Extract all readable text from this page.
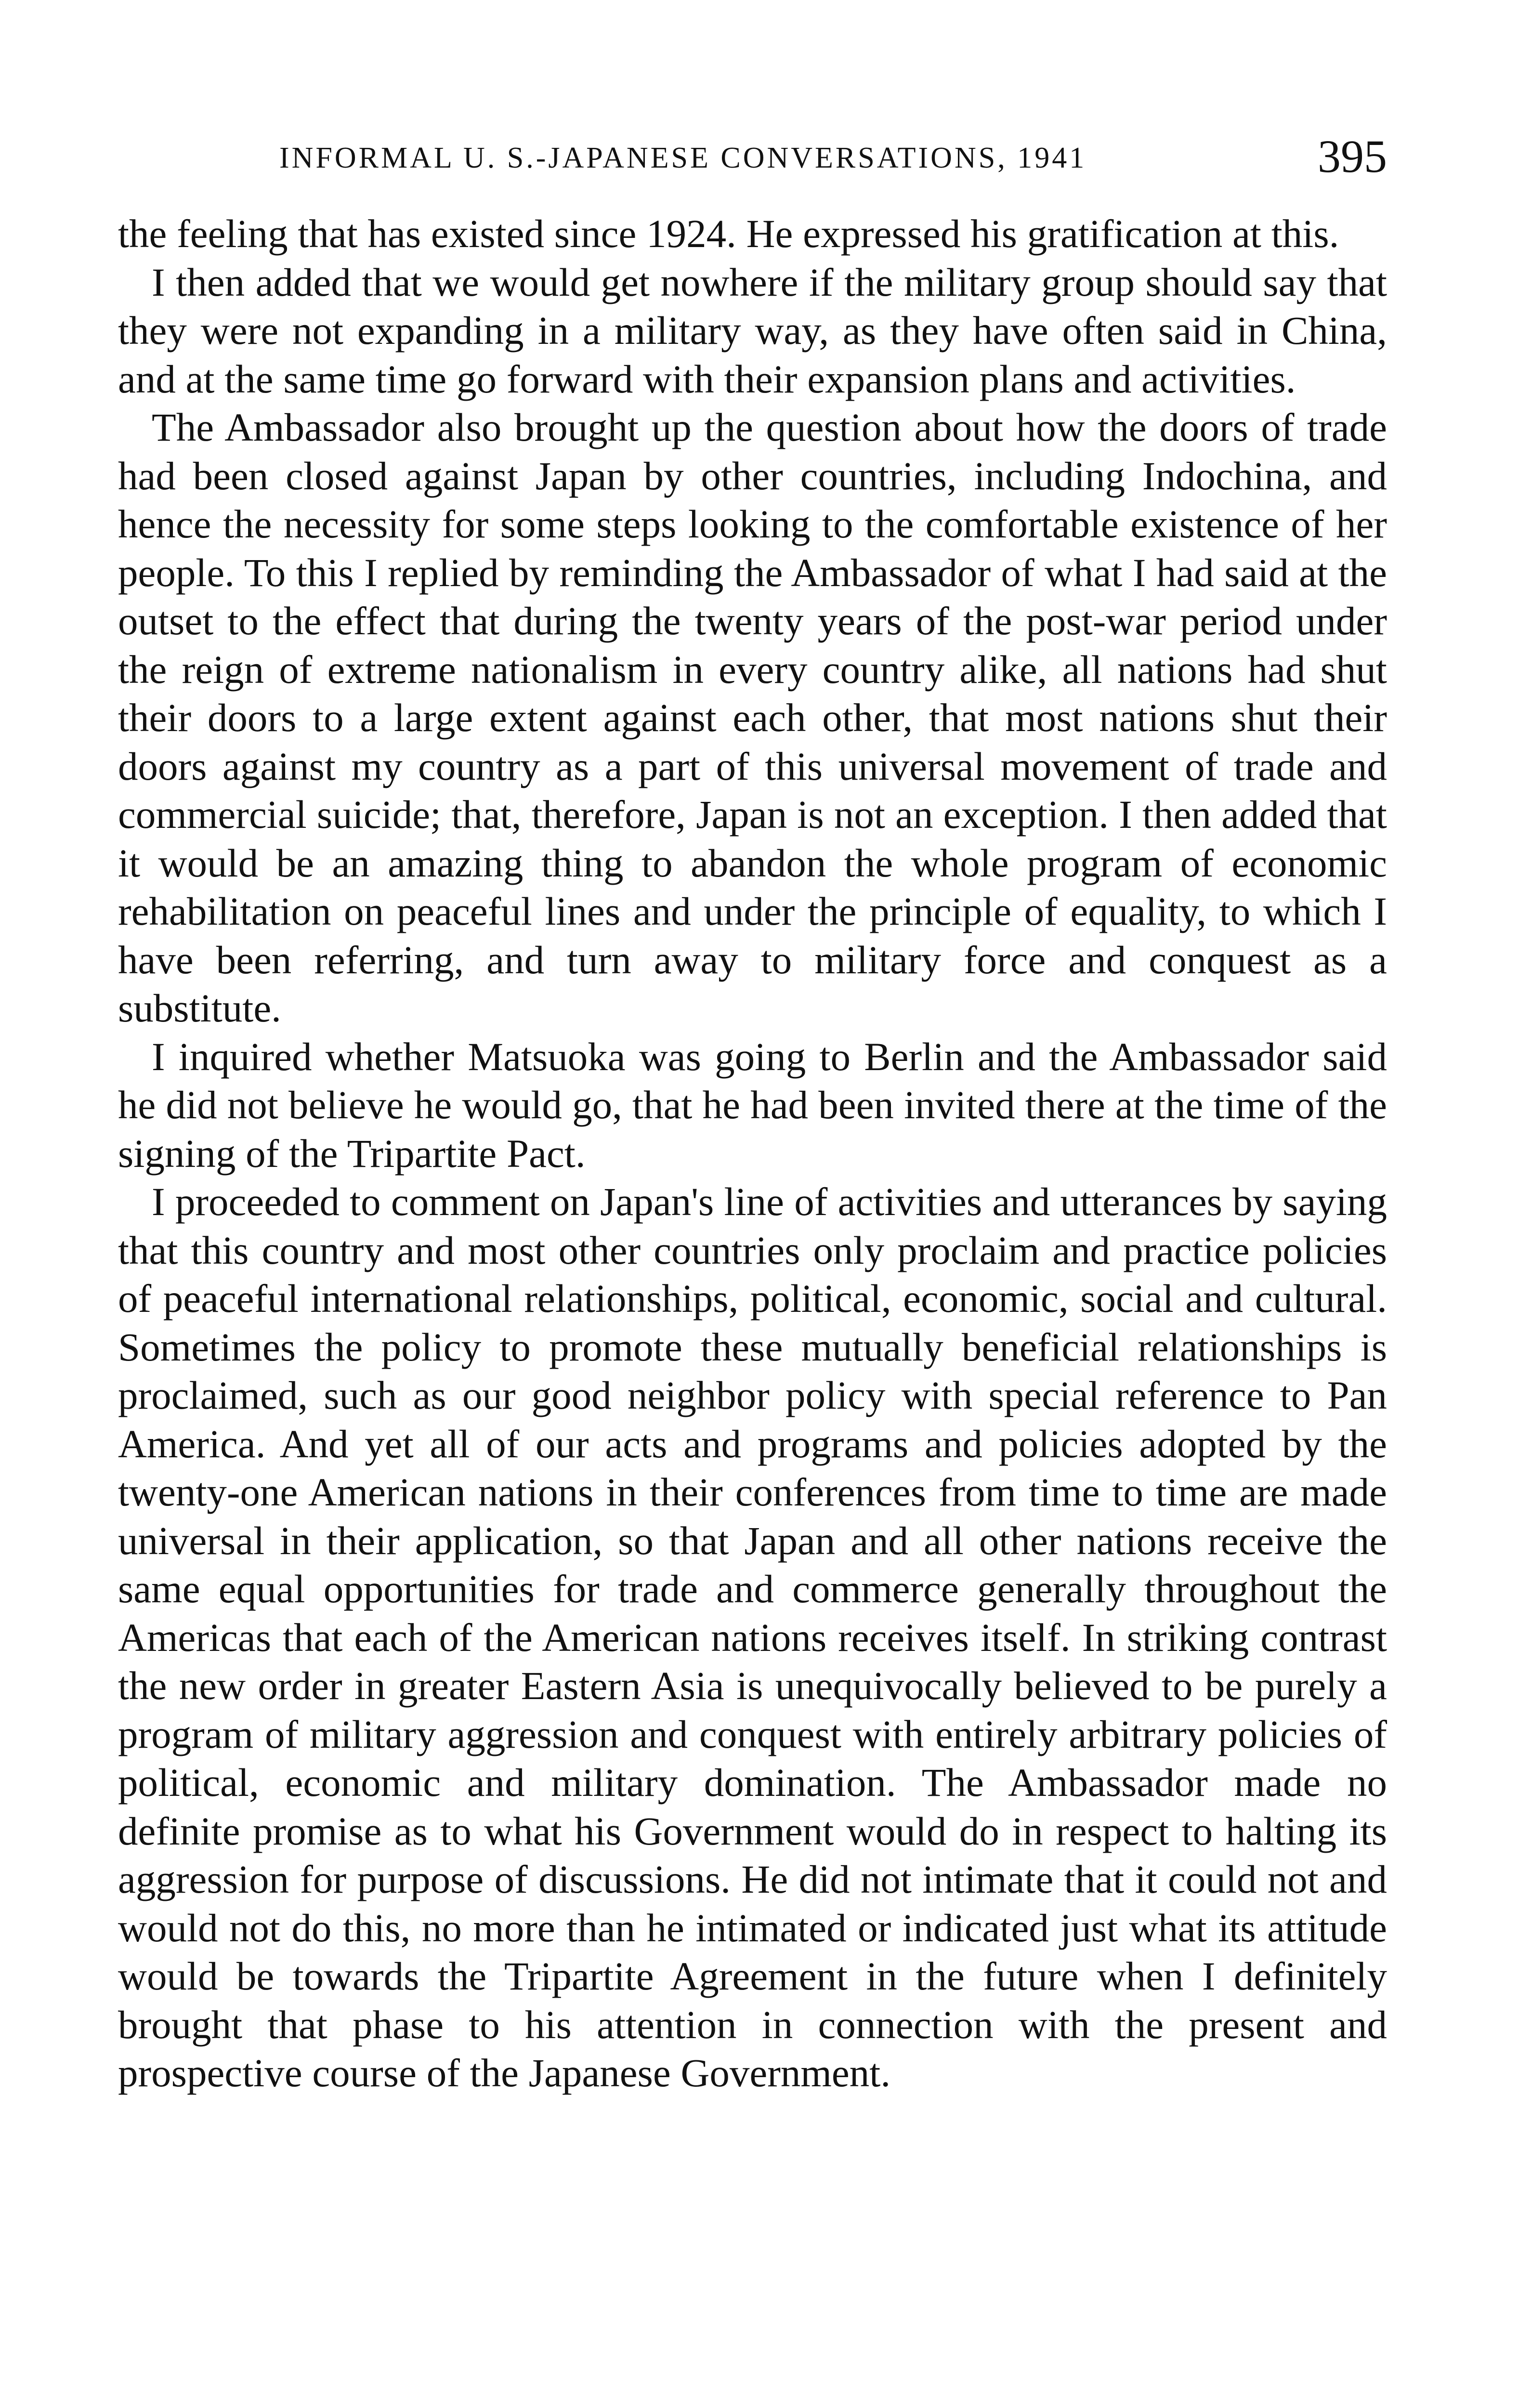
INFORMAL U. S.-JAPANESE CONVERSATIONS, 1941	395

the feeling that has existed since 1924. He expressed his gratification at this.

I then added that we would get nowhere if the military group should say that they were not expanding in a military way, as they have often said in China, and at the same time go forward with their expansion plans and activities.

The Ambassador also brought up the question about how the doors of trade had been closed against Japan by other countries, including Indochina, and hence the necessity for some steps looking to the comfortable existence of her people. To this I replied by reminding the Ambassador of what I had said at the outset to the effect that during the twenty years of the post-war period under the reign of extreme nationalism in every country alike, all nations had shut their doors to a large extent against each other, that most nations shut their doors against my country as a part of this universal movement of trade and commercial suicide; that, therefore, Japan is not an exception. I then added that it would be an amazing thing to abandon the whole program of economic rehabilitation on peaceful lines and under the principle of equality, to which I have been referring, and turn away to military force and conquest as a substitute.

I inquired whether Matsuoka was going to Berlin and the Ambassador said he did not believe he would go, that he had been invited there at the time of the signing of the Tripartite Pact.

I proceeded to comment on Japan's line of activities and utterances by saying that this country and most other countries only proclaim and practice policies of peaceful international relationships, political, economic, social and cultural. Sometimes the policy to promote these mutually beneficial relationships is proclaimed, such as our good neighbor policy with special reference to Pan America. And yet all of our acts and programs and policies adopted by the twenty-one American nations in their conferences from time to time are made universal in their application, so that Japan and all other nations receive the same equal opportunities for trade and commerce generally throughout the Americas that each of the American nations receives itself. In striking contrast the new order in greater Eastern Asia is unequivocally believed to be purely a program of military aggression and conquest with entirely arbitrary policies of political, economic and military domination. The Ambassador made no definite promise as to what his Government would do in respect to halting its aggression for purpose of discussions. He did not intimate that it could not and would not do this, no more than he intimated or indicated just what its attitude would be towards the Tripartite Agreement in the future when I definitely brought that phase to his attention in connection with the present and prospective course of the Japanese Government.
